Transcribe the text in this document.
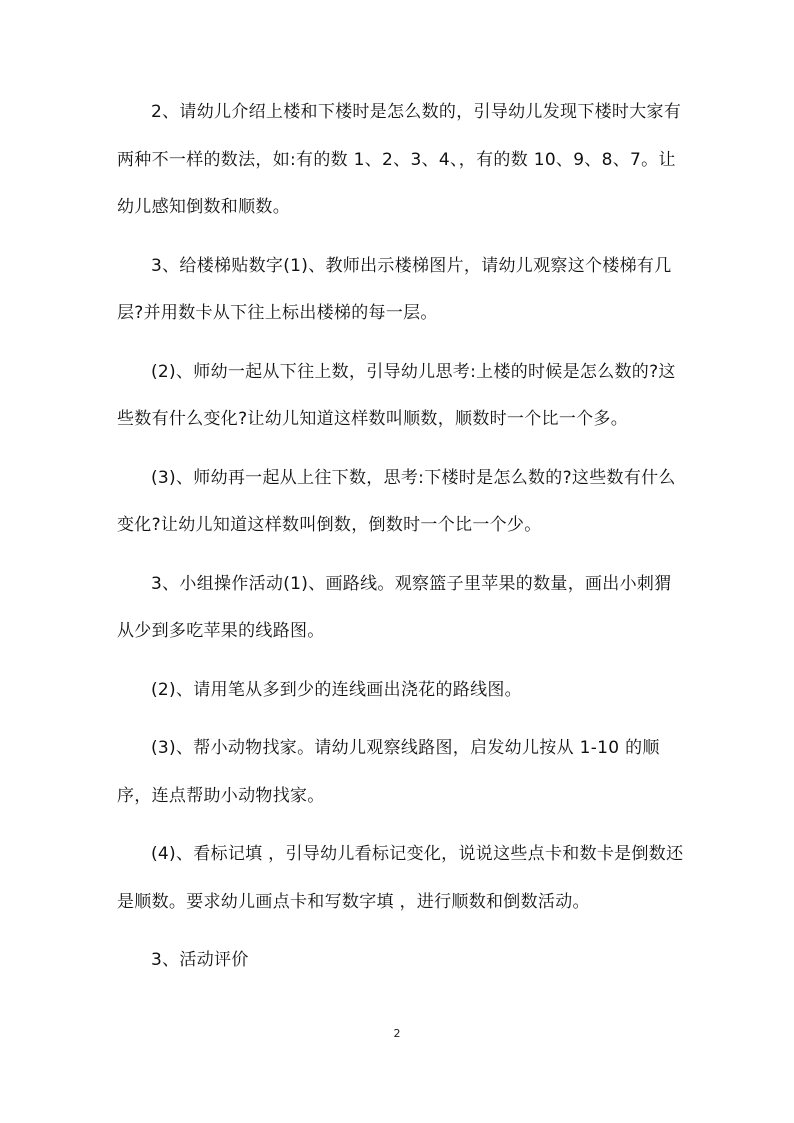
2、请幼儿介绍上楼和下楼时是怎么数的，引导幼儿发现下楼时大家有两种不一样的数法，如:有的数 1、2、3、4、，有的数 10、9、8、7。让幼儿感知倒数和顺数。

3、给楼梯贴数字(1)、教师出示楼梯图片，请幼儿观察这个楼梯有几层?并用数卡从下往上标出楼梯的每一层。

(2)、师幼一起从下往上数，引导幼儿思考:上楼的时候是怎么数的?这些数有什么变化?让幼儿知道这样数叫顺数，顺数时一个比一个多。

(3)、师幼再一起从上往下数，思考:下楼时是怎么数的?这些数有什么变化?让幼儿知道这样数叫倒数，倒数时一个比一个少。

3、小组操作活动(1)、画路线。观察篮子里苹果的数量，画出小刺猬从少到多吃苹果的线路图。

(2)、请用笔从多到少的连线画出浇花的路线图。

(3)、帮小动物找家。请幼儿观察线路图，启发幼儿按从 1-10 的顺序，连点帮助小动物找家。

(4)、看标记填 ，引导幼儿看标记变化，说说这些点卡和数卡是倒数还是顺数。要求幼儿画点卡和写数字填 ，进行顺数和倒数活动。

3、活动评价

2
